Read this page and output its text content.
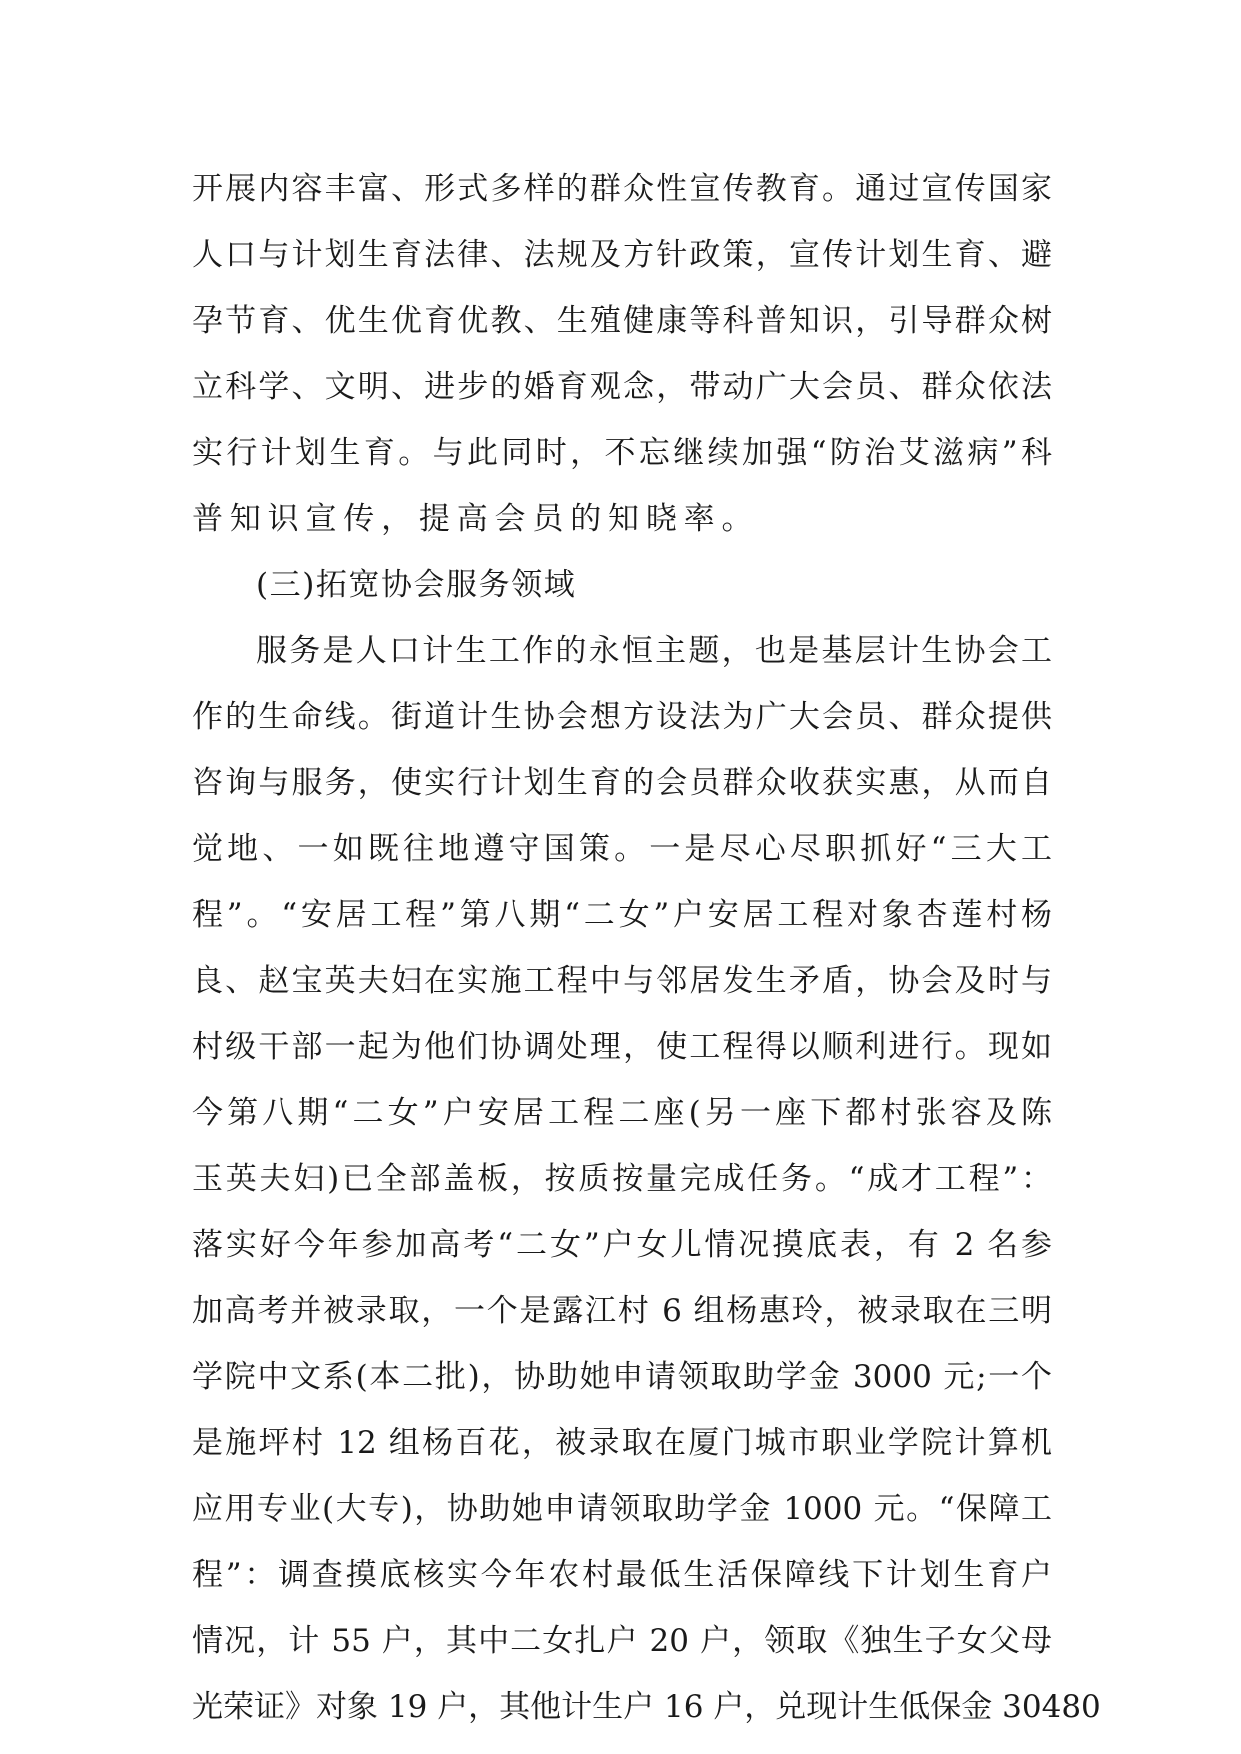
开展内容丰富、形式多样的群众性宣传教育。通过宣传国家
人口与计划生育法律、法规及方针政策，宣传计划生育、避
孕节育、优生优育优教、生殖健康等科普知识，引导群众树
立科学、文明、进步的婚育观念，带动广大会员、群众依法
实行计划生育。与此同时，不忘继续加强“防治艾滋病”科
普知识宣传，提高会员的知晓率。
(三)拓宽协会服务领域
服务是人口计生工作的永恒主题，也是基层计生协会工
作的生命线。街道计生协会想方设法为广大会员、群众提供
咨询与服务，使实行计划生育的会员群众收获实惠，从而自
觉地、一如既往地遵守国策。一是尽心尽职抓好“三大工
程”。“安居工程”第八期“二女”户安居工程对象杏莲村杨
良、赵宝英夫妇在实施工程中与邻居发生矛盾，协会及时与
村级干部一起为他们协调处理，使工程得以顺利进行。现如
今第八期“二女”户安居工程二座(另一座下都村张容及陈
玉英夫妇)已全部盖板，按质按量完成任务。“成才工程”：
落实好今年参加高考“二女”户女儿情况摸底表，有 2 名参
加高考并被录取，一个是露江村 6 组杨惠玲，被录取在三明
学院中文系(本二批)，协助她申请领取助学金 3000 元;一个
是施坪村 12 组杨百花，被录取在厦门城市职业学院计算机
应用专业(大专)，协助她申请领取助学金 1000 元。“保障工
程”：调查摸底核实今年农村最低生活保障线下计划生育户
情况，计 55 户，其中二女扎户 20 户，领取《独生子女父母
光荣证》对象 19 户，其他计生户 16 户，兑现计生低保金 30480
